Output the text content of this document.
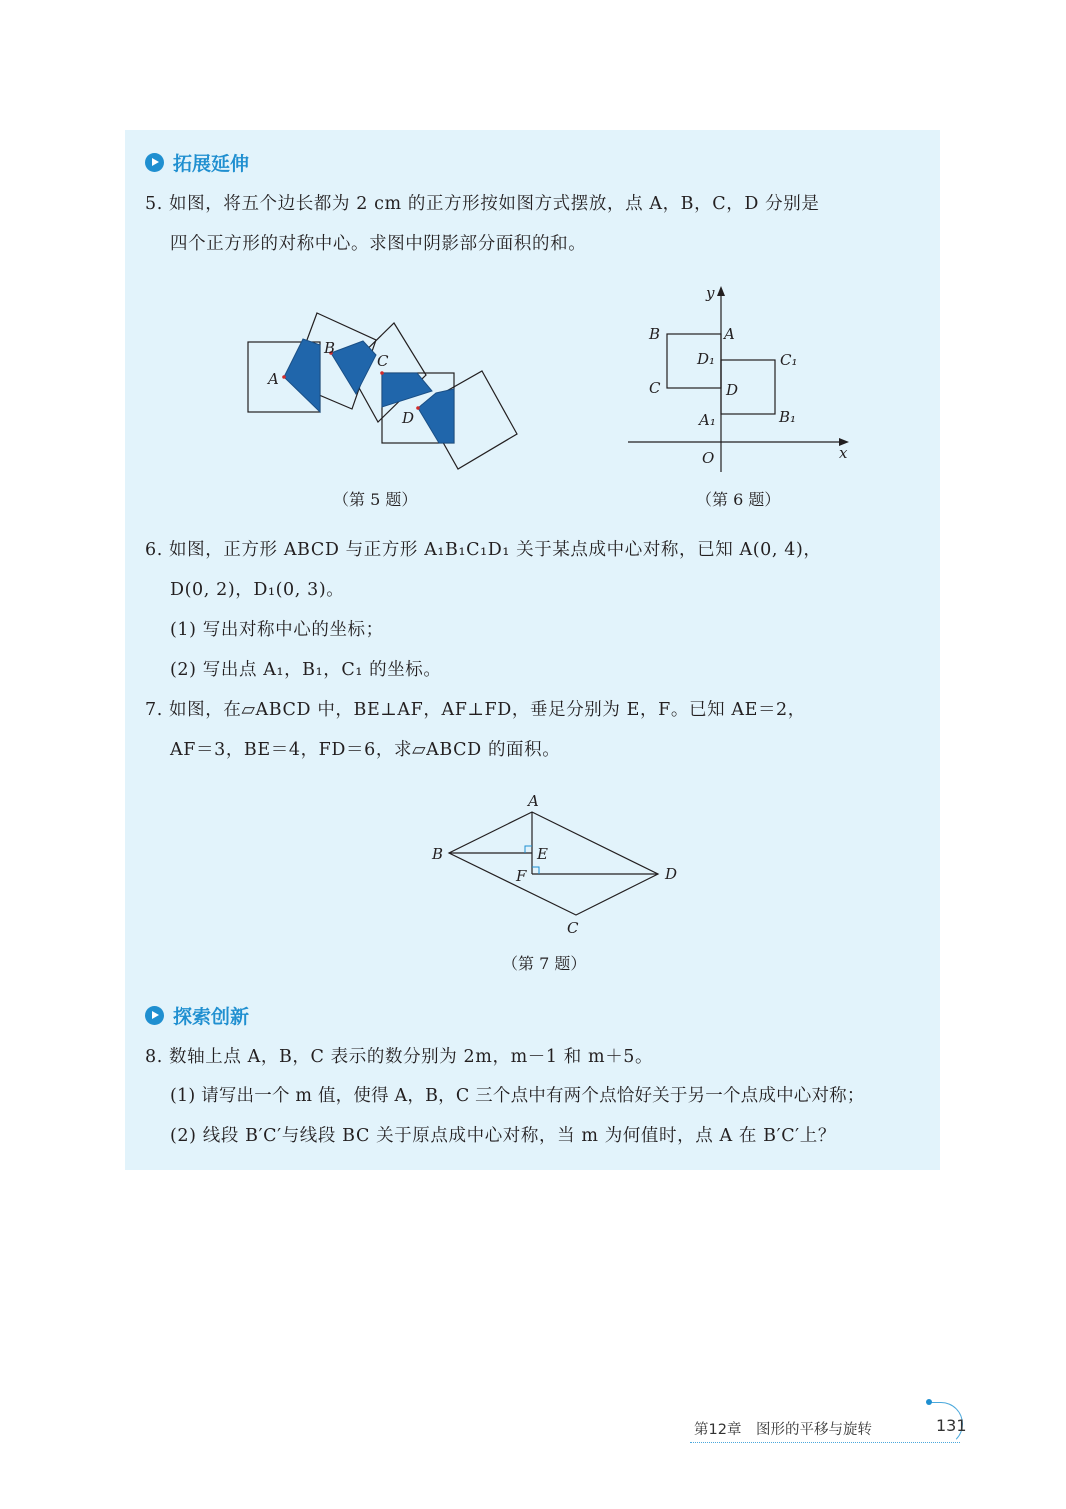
拓展延伸
5. 如图，将五个边长都为 2 cm 的正方形按如图方式摆放，点 A，B，C，D 分别是
四个正方形的对称中心。求图中阴影部分面积的和。
A
B
C
D
（第 5 题）
y
x
O
A
B
C	D
D₁	C₁
B₁
A₁
（第 6 题）
6. 如图，正方形 ABCD 与正方形 A₁B₁C₁D₁ 关于某点成中心对称，已知 A(0, 4)，
D(0, 2)，D₁(0, 3)。
(1) 写出对称中心的坐标；
(2) 写出点 A₁，B₁，C₁ 的坐标。
7. 如图，在▱ABCD 中，BE⊥AF，AF⊥FD，垂足分别为 E，F。已知 AE＝2，
AF＝3，BE＝4，FD＝6，求▱ABCD 的面积。
A
B
C
D
E
F
（第 7 题）
探索创新
8. 数轴上点 A，B，C 表示的数分别为 2m，m－1 和 m＋5。
(1) 请写出一个 m 值，使得 A，B，C 三个点中有两个点恰好关于另一个点成中心对称；
(2) 线段 B′C′与线段 BC 关于原点成中心对称，当 m 为何值时，点 A 在 B′C′上？
第12章　图形的平移与旋转	131
